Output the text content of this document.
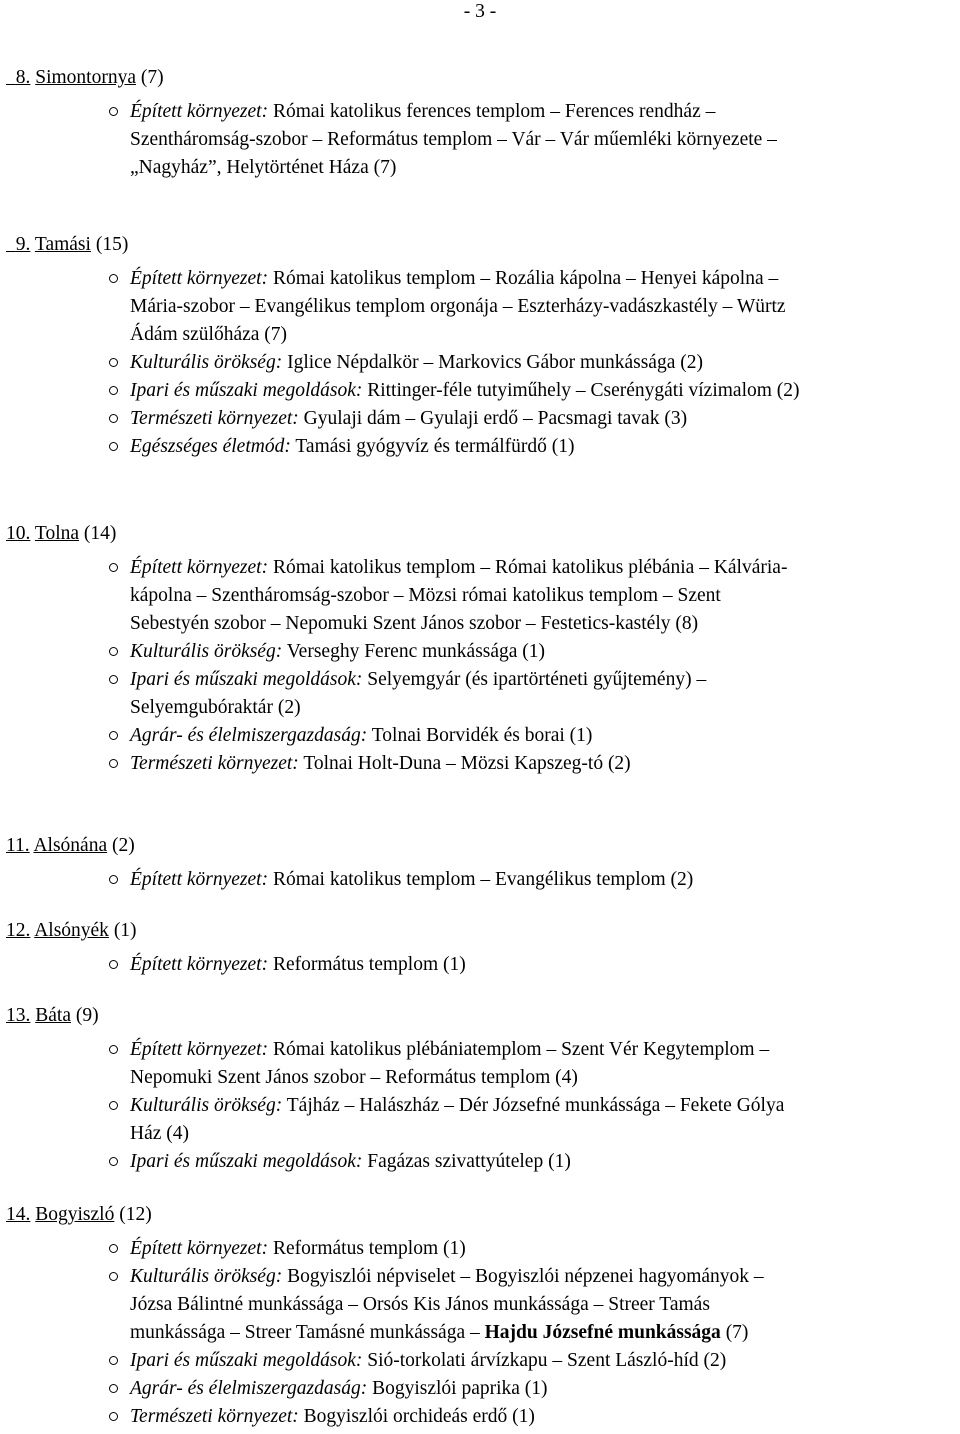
- 3 -
8. Simontornya (7)
Épített környezet: Római katolikus ferences templom – Ferences rendház –
Szentháromság-szobor – Református templom – Vár – Vár műemléki környezete –
„Nagyház”, Helytörténet Háza (7)
9. Tamási (15)
Épített környezet: Római katolikus templom – Rozália kápolna – Henyei kápolna –
Mária-szobor – Evangélikus templom orgonája – Eszterházy-vadászkastély – Würtz
Ádám szülőháza (7)
Kulturális örökség: Iglice Népdalkör – Markovics Gábor munkássága (2)
Ipari és műszaki megoldások: Rittinger-féle tutyiműhely – Cserénygáti vízimalom (2)
Természeti környezet: Gyulaji dám – Gyulaji erdő – Pacsmagi tavak (3)
Egészséges életmód: Tamási gyógyvíz és termálfürdő (1)
10. Tolna (14)
Épített környezet: Római katolikus templom – Római katolikus plébánia – Kálvária-
kápolna – Szentháromság-szobor – Mözsi római katolikus templom – Szent
Sebestyén szobor – Nepomuki Szent János szobor – Festetics-kastély (8)
Kulturális örökség: Verseghy Ferenc munkássága (1)
Ipari és műszaki megoldások: Selyemgyár (és ipartörténeti gyűjtemény) –
Selyemgubóraktár (2)
Agrár- és élelmiszergazdaság: Tolnai Borvidék és borai (1)
Természeti környezet: Tolnai Holt-Duna – Mözsi Kapszeg-tó (2)
11. Alsónána (2)
Épített környezet: Római katolikus templom – Evangélikus templom (2)
12. Alsónyék (1)
Épített környezet: Református templom (1)
13. Báta (9)
Épített környezet: Római katolikus plébániatemplom – Szent Vér Kegytemplom –
Nepomuki Szent János szobor – Református templom (4)
Kulturális örökség: Tájház – Halászház – Dér Józsefné munkássága – Fekete Gólya
Ház (4)
Ipari és műszaki megoldások: Fagázas szivattyútelep (1)
14. Bogyiszló (12)
Épített környezet: Református templom (1)
Kulturális örökség: Bogyiszlói népviselet – Bogyiszlói népzenei hagyományok –
Józsa Bálintné munkássága – Orsós Kis János munkássága – Streer Tamás
munkássága – Streer Tamásné munkássága – Hajdu Józsefné munkássága (7)
Ipari és műszaki megoldások: Sió-torkolati árvízkapu – Szent László-híd (2)
Agrár- és élelmiszergazdaság: Bogyiszlói paprika (1)
Természeti környezet: Bogyiszlói orchideás erdő (1)
